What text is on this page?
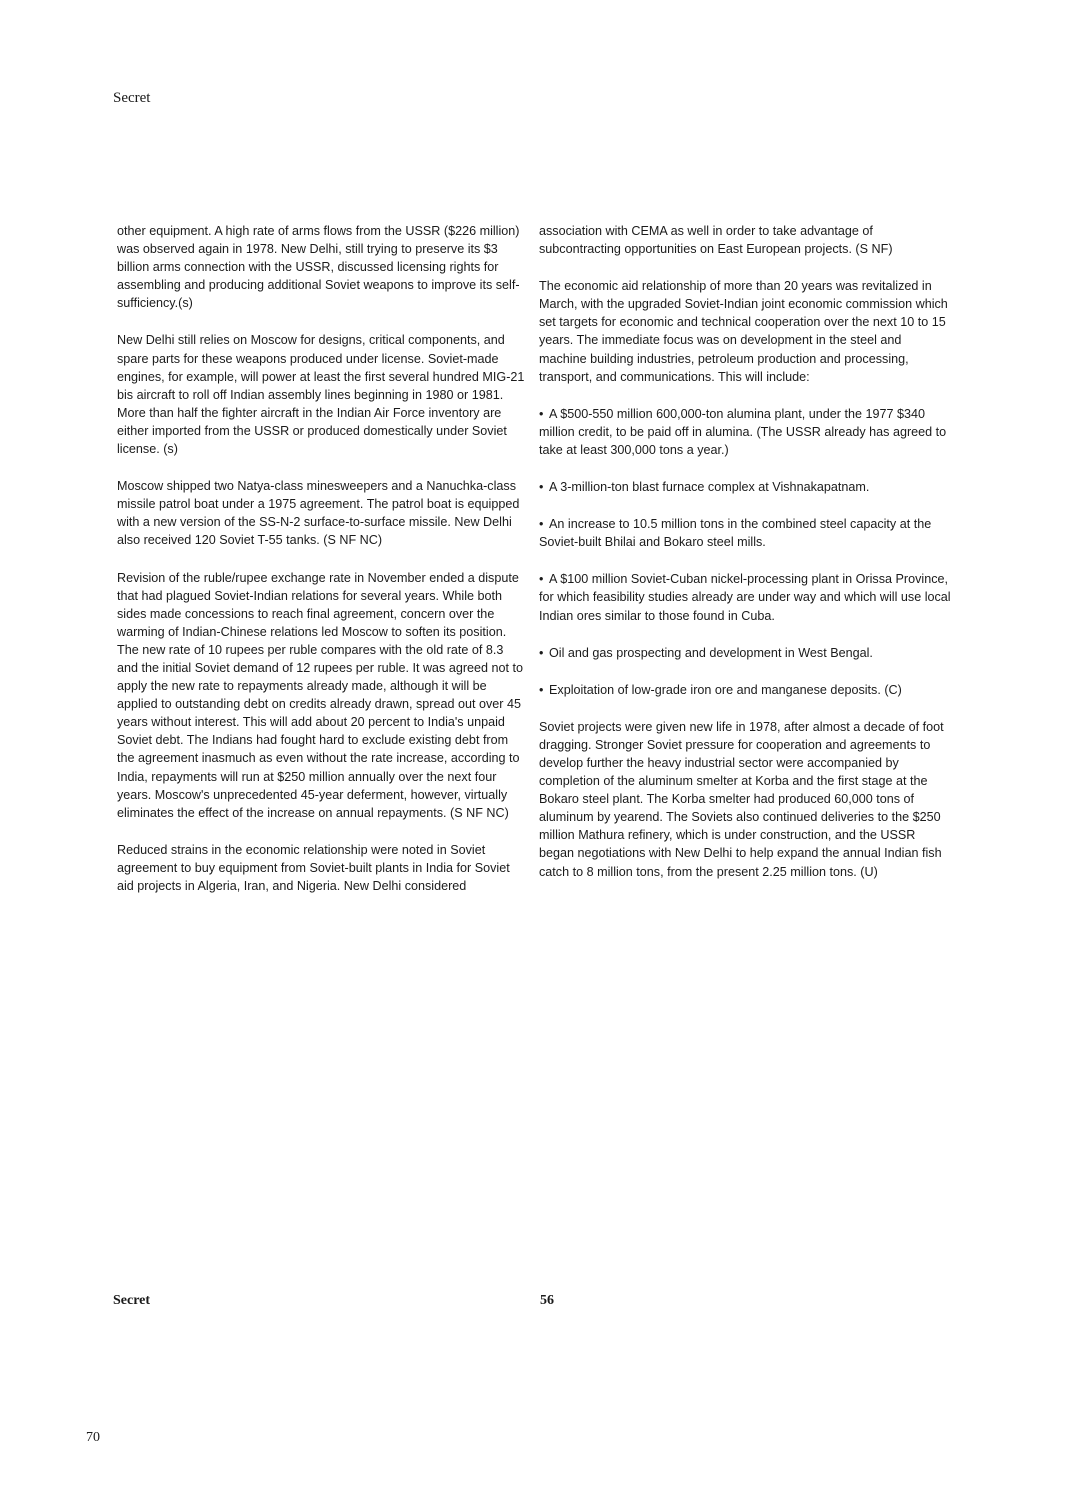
Secret

other equipment. A high rate of arms flows from the USSR ($226 million) was observed again in 1978. New Delhi, still trying to preserve its $3 billion arms connection with the USSR, discussed licensing rights for assembling and producing additional Soviet weapons to improve its self-sufficiency.(s)

New Delhi still relies on Moscow for designs, critical components, and spare parts for these weapons produced under license. Soviet-made engines, for example, will power at least the first several hundred MIG-21 bis aircraft to roll off Indian assembly lines beginning in 1980 or 1981. More than half the fighter aircraft in the Indian Air Force inventory are either imported from the USSR or produced domestically under Soviet license. (s)

Moscow shipped two Natya-class minesweepers and a Nanuchka-class missile patrol boat under a 1975 agreement. The patrol boat is equipped with a new version of the SS-N-2 surface-to-surface missile. New Delhi also received 120 Soviet T-55 tanks. (S NF NC)

Revision of the ruble/rupee exchange rate in November ended a dispute that had plagued Soviet-Indian relations for several years. While both sides made concessions to reach final agreement, concern over the warming of Indian-Chinese relations led Moscow to soften its position. The new rate of 10 rupees per ruble compares with the old rate of 8.3 and the initial Soviet demand of 12 rupees per ruble. It was agreed not to apply the new rate to repayments already made, although it will be applied to outstanding debt on credits already drawn, spread out over 45 years without interest. This will add about 20 percent to India's unpaid Soviet debt. The Indians had fought hard to exclude existing debt from the agreement inasmuch as even without the rate increase, according to India, repayments will run at $250 million annually over the next four years. Moscow's unprecedented 45-year deferment, however, virtually eliminates the effect of the increase on annual repayments. (S NF NC)

Reduced strains in the economic relationship were noted in Soviet agreement to buy equipment from Soviet-built plants in India for Soviet aid projects in Algeria, Iran, and Nigeria. New Delhi considered

association with CEMA as well in order to take advantage of subcontracting opportunities on East European projects. (S NF)

The economic aid relationship of more than 20 years was revitalized in March, with the upgraded Soviet-Indian joint economic commission which set targets for economic and technical cooperation over the next 10 to 15 years. The immediate focus was on development in the steel and machine building industries, petroleum production and processing, transport, and communications. This will include:

• A $500-550 million 600,000-ton alumina plant, under the 1977 $340 million credit, to be paid off in alumina. (The USSR already has agreed to take at least 300,000 tons a year.)

• A 3-million-ton blast furnace complex at Vishnakapatnam.

• An increase to 10.5 million tons in the combined steel capacity at the Soviet-built Bhilai and Bokaro steel mills.

• A $100 million Soviet-Cuban nickel-processing plant in Orissa Province, for which feasibility studies already are under way and which will use local Indian ores similar to those found in Cuba.

• Oil and gas prospecting and development in West Bengal.

• Exploitation of low-grade iron ore and manganese deposits. (C)

Soviet projects were given new life in 1978, after almost a decade of foot dragging. Stronger Soviet pressure for cooperation and agreements to develop further the heavy industrial sector were accompanied by completion of the aluminum smelter at Korba and the first stage at the Bokaro steel plant. The Korba smelter had produced 60,000 tons of aluminum by yearend. The Soviets also continued deliveries to the $250 million Mathura refinery, which is under construction, and the USSR began negotiations with New Delhi to help expand the annual Indian fish catch to 8 million tons, from the present 2.25 million tons. (U)

Secret	56
70
